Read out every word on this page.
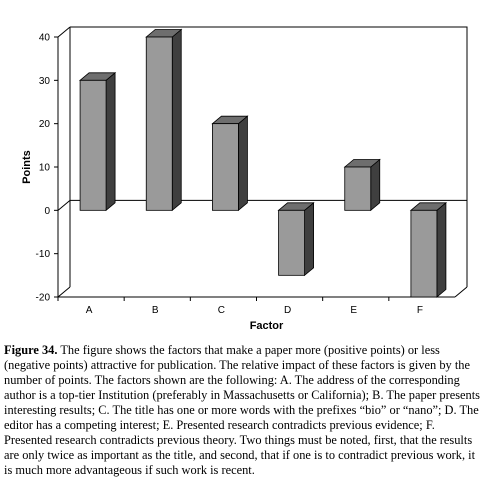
40
30
20
10
0
-10
-20
A	B	C	D	E	F
Points
Factor
Figure 34. The figure shows the factors that make a paper more (positive points) or less (negative points) attractive for publication. The relative impact of these factors is given by the number of points. The factors shown are the following: A. The address of the corresponding author is a top-tier Institution (preferably in Massachusetts or California); B. The paper presents interesting results; C. The title has one or more words with the prefixes “bio” or “nano”; D. The editor has a competing interest; E. Presented research contradicts previous evidence; F. Presented research contradicts previous theory. Two things must be noted, first, that the results are only twice as important as the title, and second, that if one is to contradict previous work, it is much more advantageous if such work is recent.
